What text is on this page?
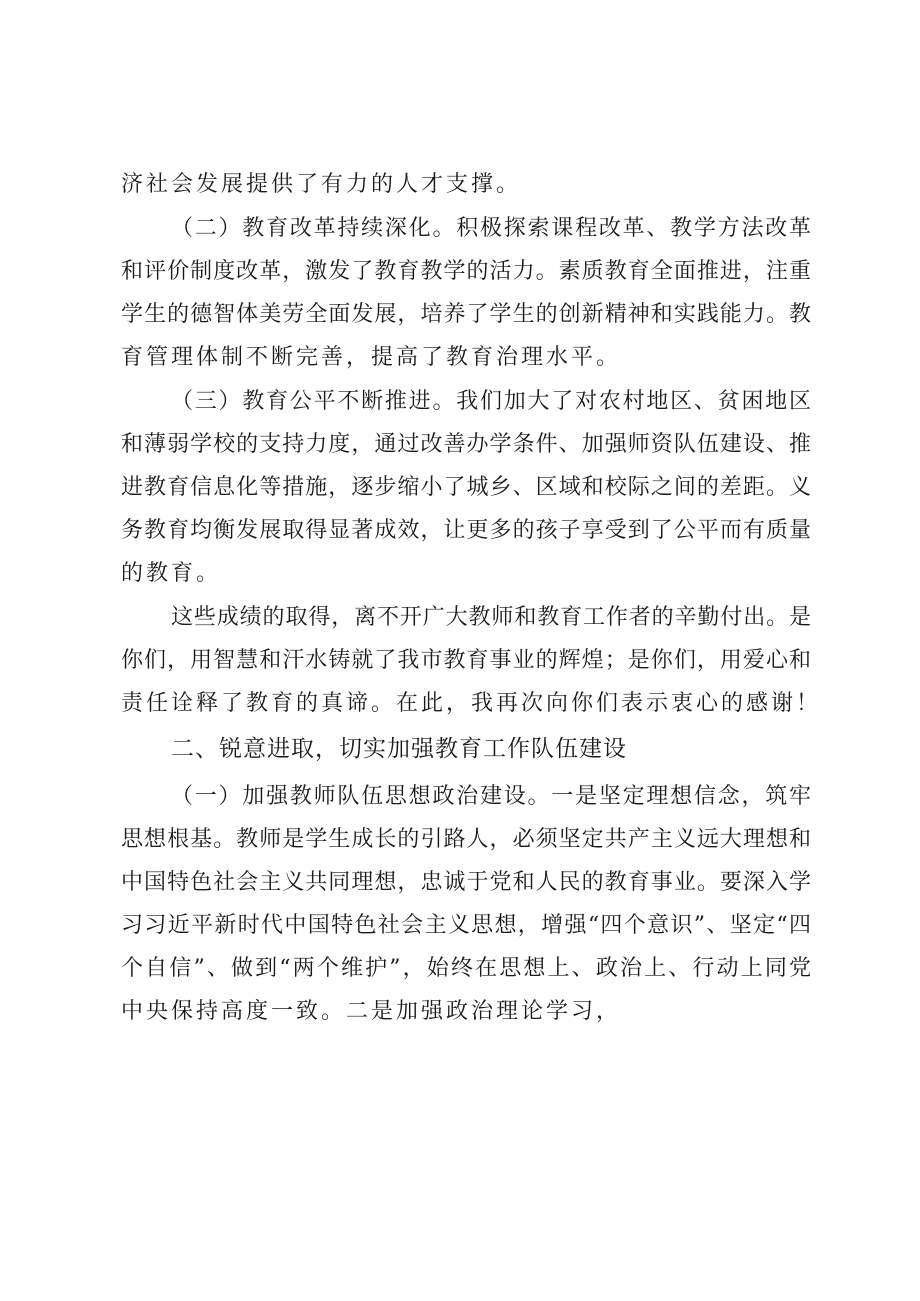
济社会发展提供了有力的人才支撑。
（二）教育改革持续深化。积极探索课程改革、教学方法改革
和评价制度改革，激发了教育教学的活力。素质教育全面推进，注重
学生的德智体美劳全面发展，培养了学生的创新精神和实践能力。教
育管理体制不断完善，提高了教育治理水平。
（三）教育公平不断推进。我们加大了对农村地区、贫困地区
和薄弱学校的支持力度，通过改善办学条件、加强师资队伍建设、推
进教育信息化等措施，逐步缩小了城乡、区域和校际之间的差距。义
务教育均衡发展取得显著成效，让更多的孩子享受到了公平而有质量
的教育。
这些成绩的取得，离不开广大教师和教育工作者的辛勤付出。是
你们，用智慧和汗水铸就了我市教育事业的辉煌；是你们，用爱心和
责任诠释了教育的真谛。在此，我再次向你们表示衷心的感谢！
二、锐意进取，切实加强教育工作队伍建设
（一）加强教师队伍思想政治建设。一是坚定理想信念，筑牢
思想根基。教师是学生成长的引路人，必须坚定共产主义远大理想和
中国特色社会主义共同理想，忠诚于党和人民的教育事业。要深入学
习习近平新时代中国特色社会主义思想，增强“四个意识”、坚定“四
个自信”、做到“两个维护”，始终在思想上、政治上、行动上同党
中央保持高度一致。二是加强政治理论学习，
